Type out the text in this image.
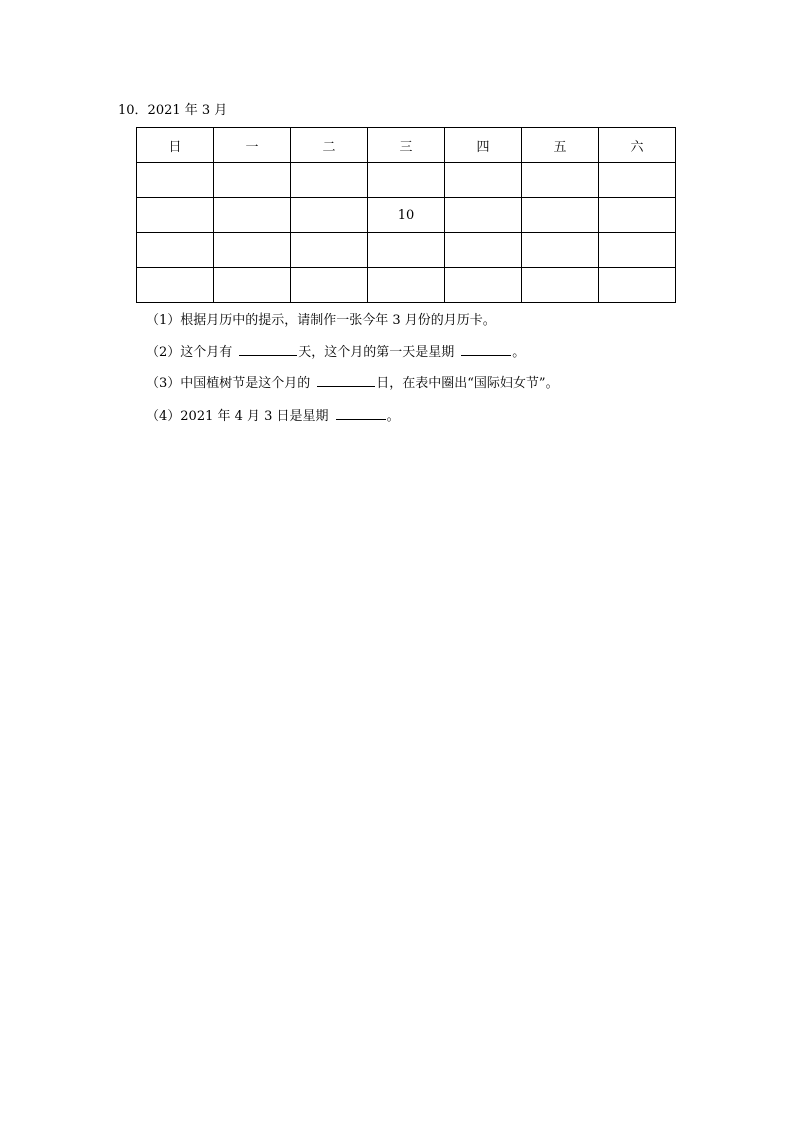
10．2021 年 3 月
日	一	二	三	四	五	六

			10			

（1）根据月历中的提示，请制作一张今年 3 月份的月历卡。
（2）这个月有	天，这个月的第一天是星期	。
（3）中国植树节是这个月的	日，在表中圈出“国际妇女节”。
（4）2021 年 4 月 3 日是星期	。
